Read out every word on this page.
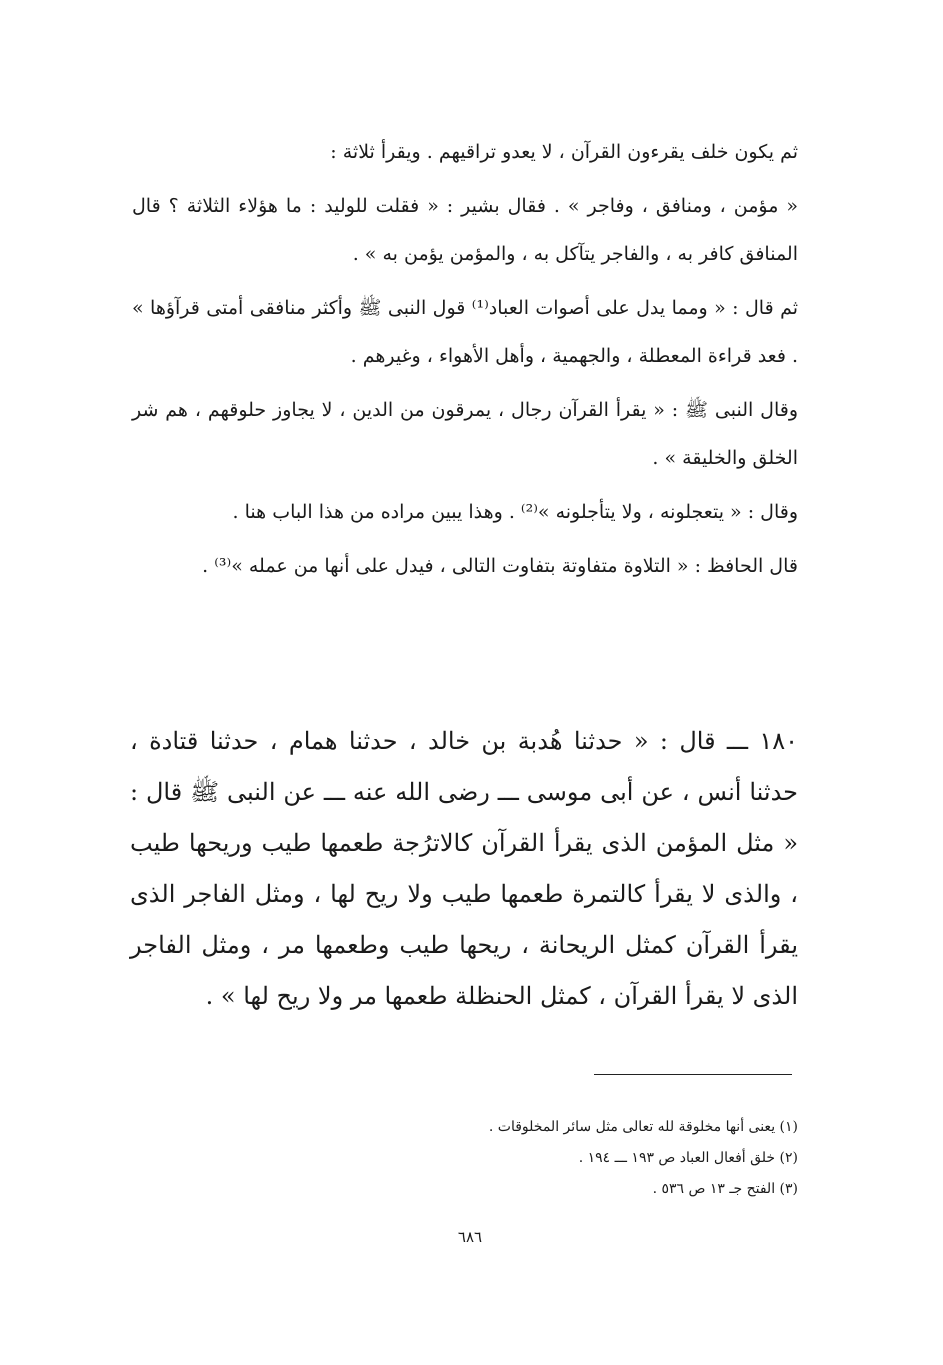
ثم يكون خلف يقرءون القرآن ، لا يعدو تراقيهم . ويقرأ ثلاثة :

« مؤمن ، ومنافق ، وفاجر » . فقال بشير : « فقلت للوليد : ما هؤلاء الثلاثة ؟ قال المنافق كافر به ، والفاجر يتآكل به ، والمؤمن يؤمن به » .

ثم قال : « ومما يدل على أصوات العباد⁽¹⁾ قول النبى ﷺ وأكثر منافقى أمتى قرآؤها » . فعد قراءة المعطلة ، والجهمية ، وأهل الأهواء ، وغيرهم .

وقال النبى ﷺ : « يقرأ القرآن رجال ، يمرقون من الدين ، لا يجاوز حلوقهم ، هم شر الخلق والخليقة » .

وقال : « يتعجلونه ، ولا يتأجلونه »⁽²⁾ . وهذا يبين مراده من هذا الباب هنا .

قال الحافظ : « التلاوة متفاوتة بتفاوت التالى ، فيدل على أنها من عمله »⁽³⁾ .

١٨٠ ـــ قال : « حدثنا هُدبة بن خالد ، حدثنا همام ، حدثنا قتادة ، حدثنا أنس ، عن أبى موسى ـــ رضى الله عنه ـــ عن النبى ﷺ قال : « مثل المؤمن الذى يقرأ القرآن كالاترُجة طعمها طيب وريحها طيب ، والذى لا يقرأ كالتمرة طعمها طيب ولا ريح لها ، ومثل الفاجر الذى يقرأ القرآن كمثل الريحانة ، ريحها طيب وطعمها مر ، ومثل الفاجر الذى لا يقرأ القرآن ، كمثل الحنظلة طعمها مر ولا ريح لها » .

(١) يعنى أنها مخلوقة لله تعالى مثل سائر المخلوقات .

(٢) خلق أفعال العباد ص ١٩٣ ـــ ١٩٤ .

(٣) الفتح جـ ١٣ ص ٥٣٦ .

٦٨٦
